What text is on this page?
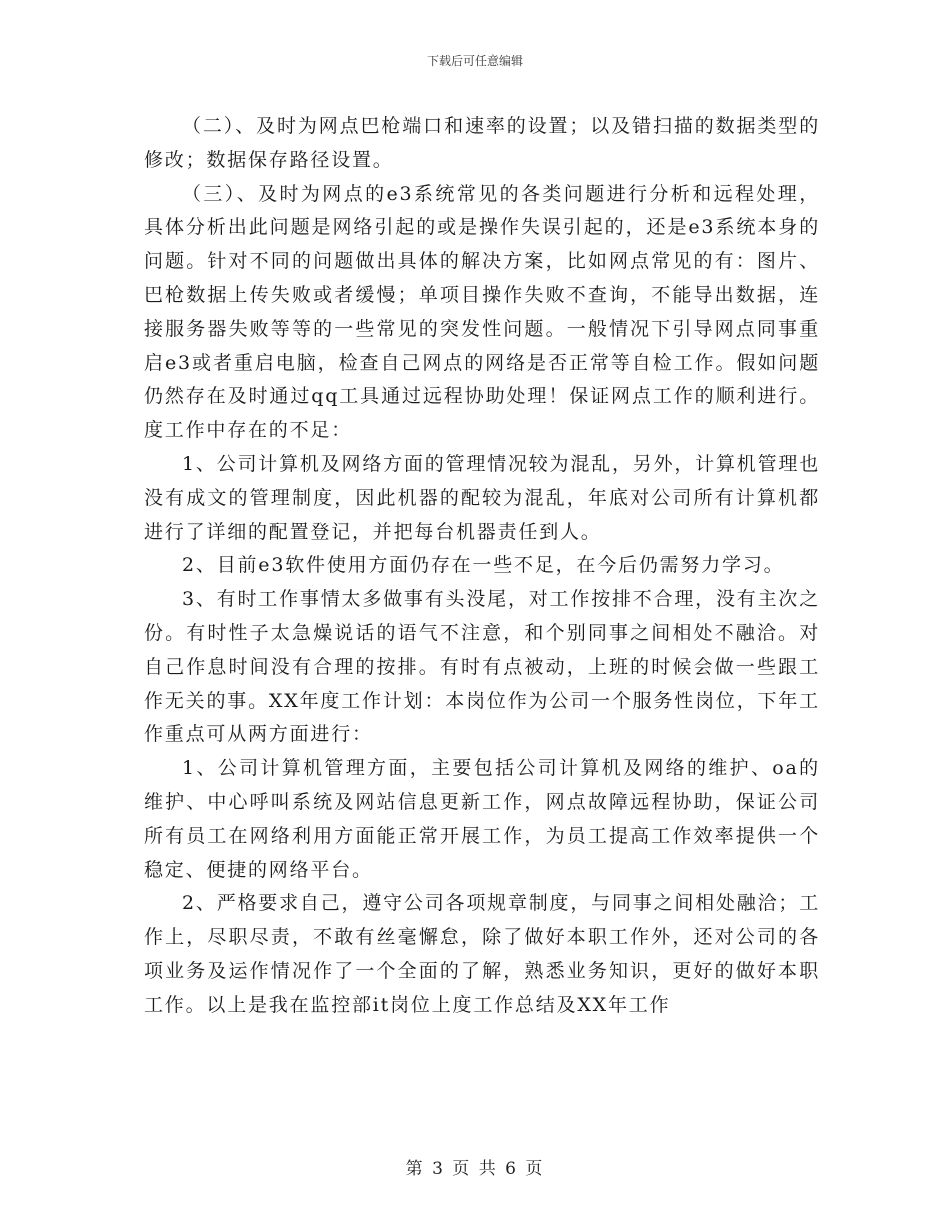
下载后可任意编辑

（二）、及时为网点巴枪端口和速率的设置；以及错扫描的数据类型的修改；数据保存路径设置。

（三）、及时为网点的e3系统常见的各类问题进行分析和远程处理，具体分析出此问题是网络引起的或是操作失误引起的，还是e3系统本身的问题。针对不同的问题做出具体的解决方案，比如网点常见的有：图片、巴枪数据上传失败或者缓慢；单项目操作失败不查询，不能导出数据，连接服务器失败等等的一些常见的突发性问题。一般情况下引导网点同事重启e3或者重启电脑，检查自己网点的网络是否正常等自检工作。假如问题仍然存在及时通过qq工具通过远程协助处理！保证网点工作的顺利进行。度工作中存在的不足：

1、公司计算机及网络方面的管理情况较为混乱，另外，计算机管理也没有成文的管理制度，因此机器的配较为混乱，年底对公司所有计算机都进行了详细的配置登记，并把每台机器责任到人。

2、目前e3软件使用方面仍存在一些不足，在今后仍需努力学习。

3、有时工作事情太多做事有头没尾，对工作按排不合理，没有主次之份。有时性子太急燥说话的语气不注意，和个别同事之间相处不融洽。对自己作息时间没有合理的按排。有时有点被动，上班的时候会做一些跟工作无关的事。XX年度工作计划：本岗位作为公司一个服务性岗位，下年工作重点可从两方面进行：

1、公司计算机管理方面，主要包括公司计算机及网络的维护、oa的维护、中心呼叫系统及网站信息更新工作，网点故障远程协助，保证公司所有员工在网络利用方面能正常开展工作，为员工提高工作效率提供一个稳定、便捷的网络平台。

2、严格要求自己，遵守公司各项规章制度，与同事之间相处融洽；工作上，尽职尽责，不敢有丝毫懈怠，除了做好本职工作外，还对公司的各项业务及运作情况作了一个全面的了解，熟悉业务知识，更好的做好本职工作。以上是我在监控部it岗位上度工作总结及XX年工作

第 3 页 共 6 页
